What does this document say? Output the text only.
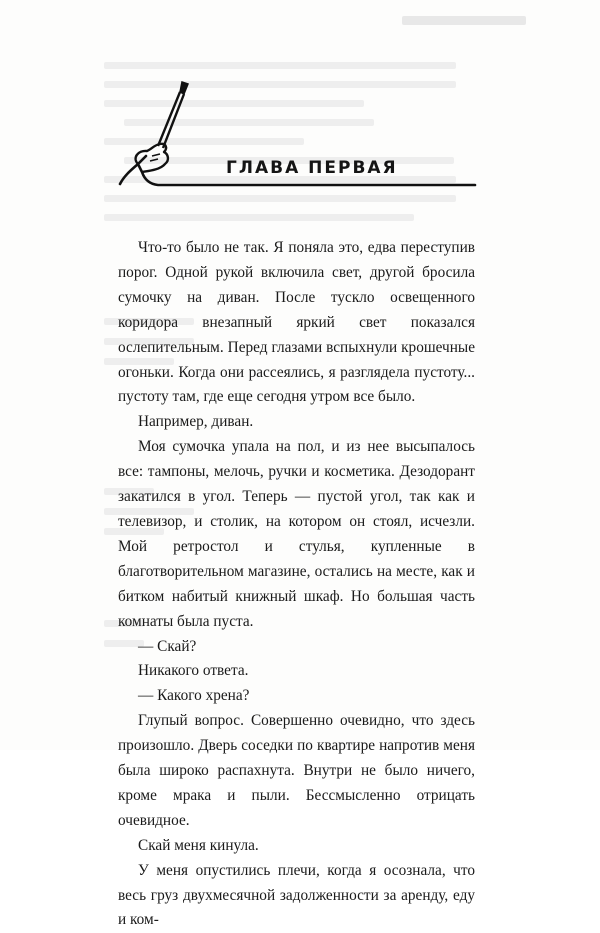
ГЛАВА ПЕРВАЯ

Что-то было не так. Я поняла это, едва переступив порог. Одной рукой включила свет, другой бросила сумочку на диван. После тускло освещенного коридора внезапный яркий свет показался ослепительным. Перед глазами вспыхнули крошечные огоньки. Когда они рассеялись, я разглядела пустоту... пустоту там, где еще сегодня утром все было.

Например, диван.

Моя сумочка упала на пол, и из нее высыпалось все: тампоны, мелочь, ручки и косметика. Дезодорант закатился в угол. Теперь — пустой угол, так как и телевизор, и столик, на котором он стоял, исчезли. Мой ретростол и стулья, купленные в благотворительном магазине, остались на месте, как и битком набитый книжный шкаф. Но большая часть комнаты была пуста.

— Скай?

Никакого ответа.

— Какого хрена?

Глупый вопрос. Совершенно очевидно, что здесь произошло. Дверь соседки по квартире напротив меня была широко распахнута. Внутри не было ничего, кроме мрака и пыли. Бессмысленно отрицать очевидное.

Скай меня кинула.

У меня опустились плечи, когда я осознала, что весь груз двухмесячной задолженности за аренду, еду и ком-
